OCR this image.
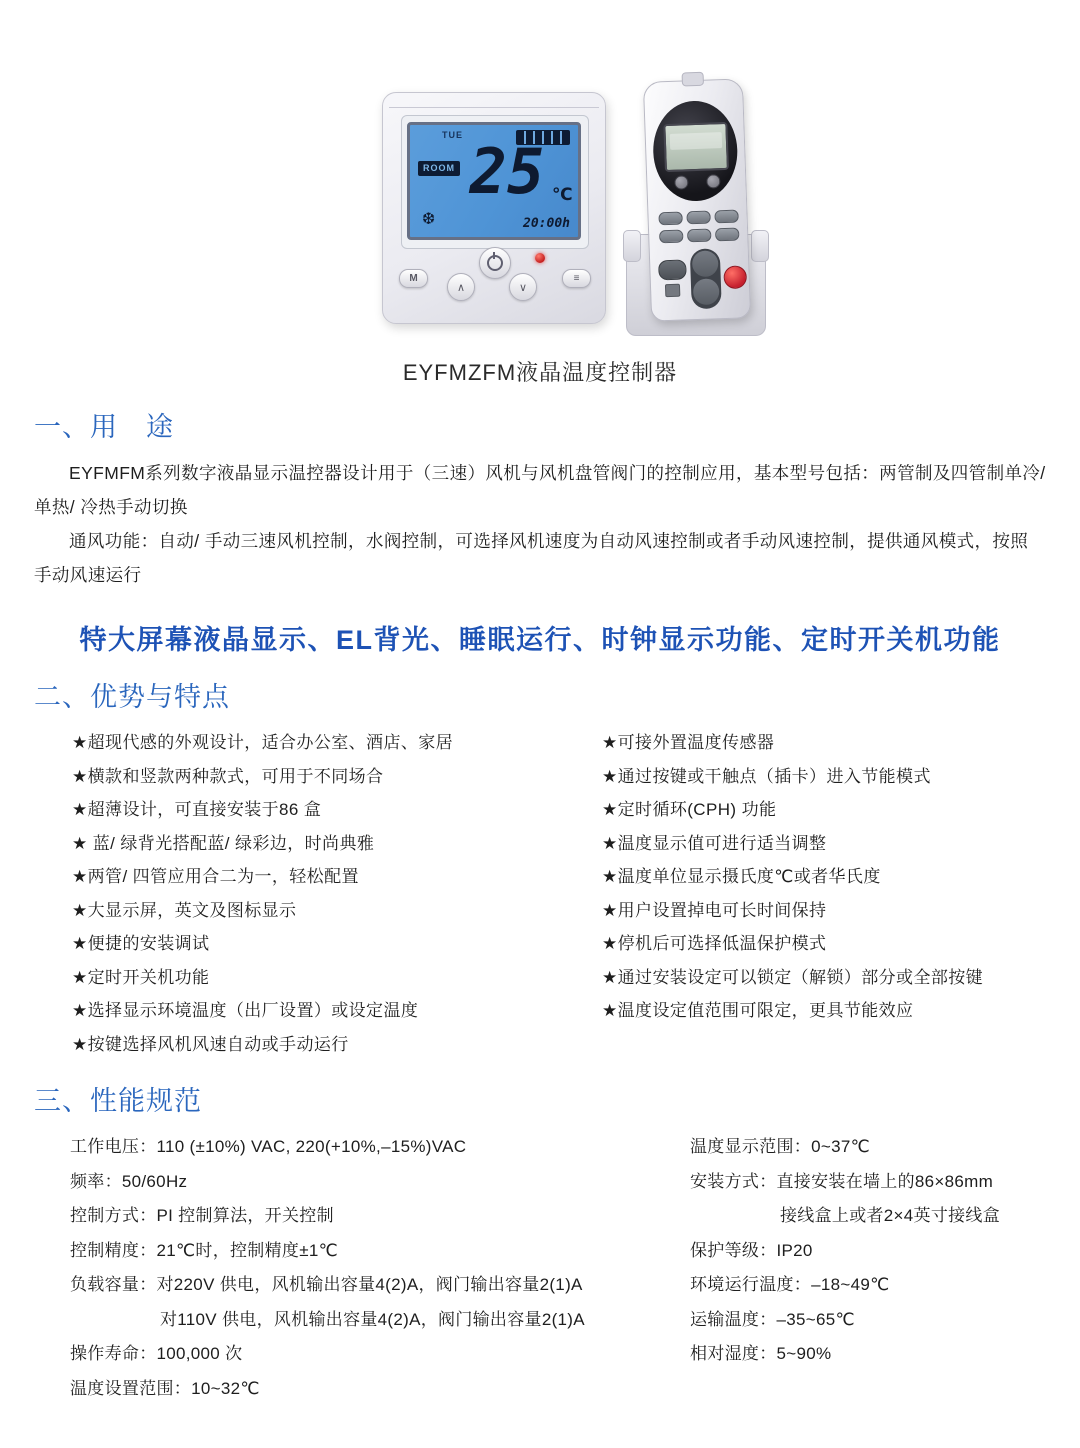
TUE
ROOM 25 ℃
❆	20:00h
M
∧	∨
≡
EYFMZFM液晶温度控制器
一、用　途

EYFMFM系列数字液晶显示温控器设计用于（三速）风机与风机盘管阀门的控制应用，基本型号包括：两管制及四管制单冷/ 单热/ 冷热手动切换

通风功能：自动/ 手动三速风机控制，水阀控制，可选择风机速度为自动风速控制或者手动风速控制，提供通风模式，按照手动风速运行

特大屏幕液晶显示、EL背光、睡眠运行、时钟显示功能、定时开关机功能
二、优势与特点
★超现代感的外观设计，适合办公室、酒店、家居
★横款和竖款两种款式，可用于不同场合
★超薄设计，可直接安装于86 盒
★ 蓝/ 绿背光搭配蓝/ 绿彩边，时尚典雅
★两管/ 四管应用合二为一，轻松配置
★大显示屏，英文及图标显示
★便捷的安装调试
★定时开关机功能
★选择显示环境温度（出厂设置）或设定温度
★按键选择风机风速自动或手动运行
★可接外置温度传感器
★通过按键或干触点（插卡）进入节能模式
★定时循环(CPH) 功能
★温度显示值可进行适当调整
★温度单位显示摄氏度℃或者华氏度
★用户设置掉电可长时间保持
★停机后可选择低温保护模式
★通过安装设定可以锁定（解锁）部分或全部按键
★温度设定值范围可限定，更具节能效应
三、性能规范
工作电压：110 (±10%) VAC, 220(+10%,–15%)VAC
频率：50/60Hz
控制方式：PI 控制算法，开关控制
控制精度：21℃时，控制精度±1℃
负载容量：对220V 供电，风机输出容量4(2)A，阀门输出容量2(1)A
对110V 供电，风机输出容量4(2)A，阀门输出容量2(1)A
操作寿命：100,000 次
温度设置范围：10~32℃
温度显示范围：0~37℃
安装方式：直接安装在墙上的86×86mm
接线盒上或者2×4英寸接线盒
保护等级：IP20
环境运行温度：–18~49℃
运输温度：–35~65℃
相对湿度：5~90%
